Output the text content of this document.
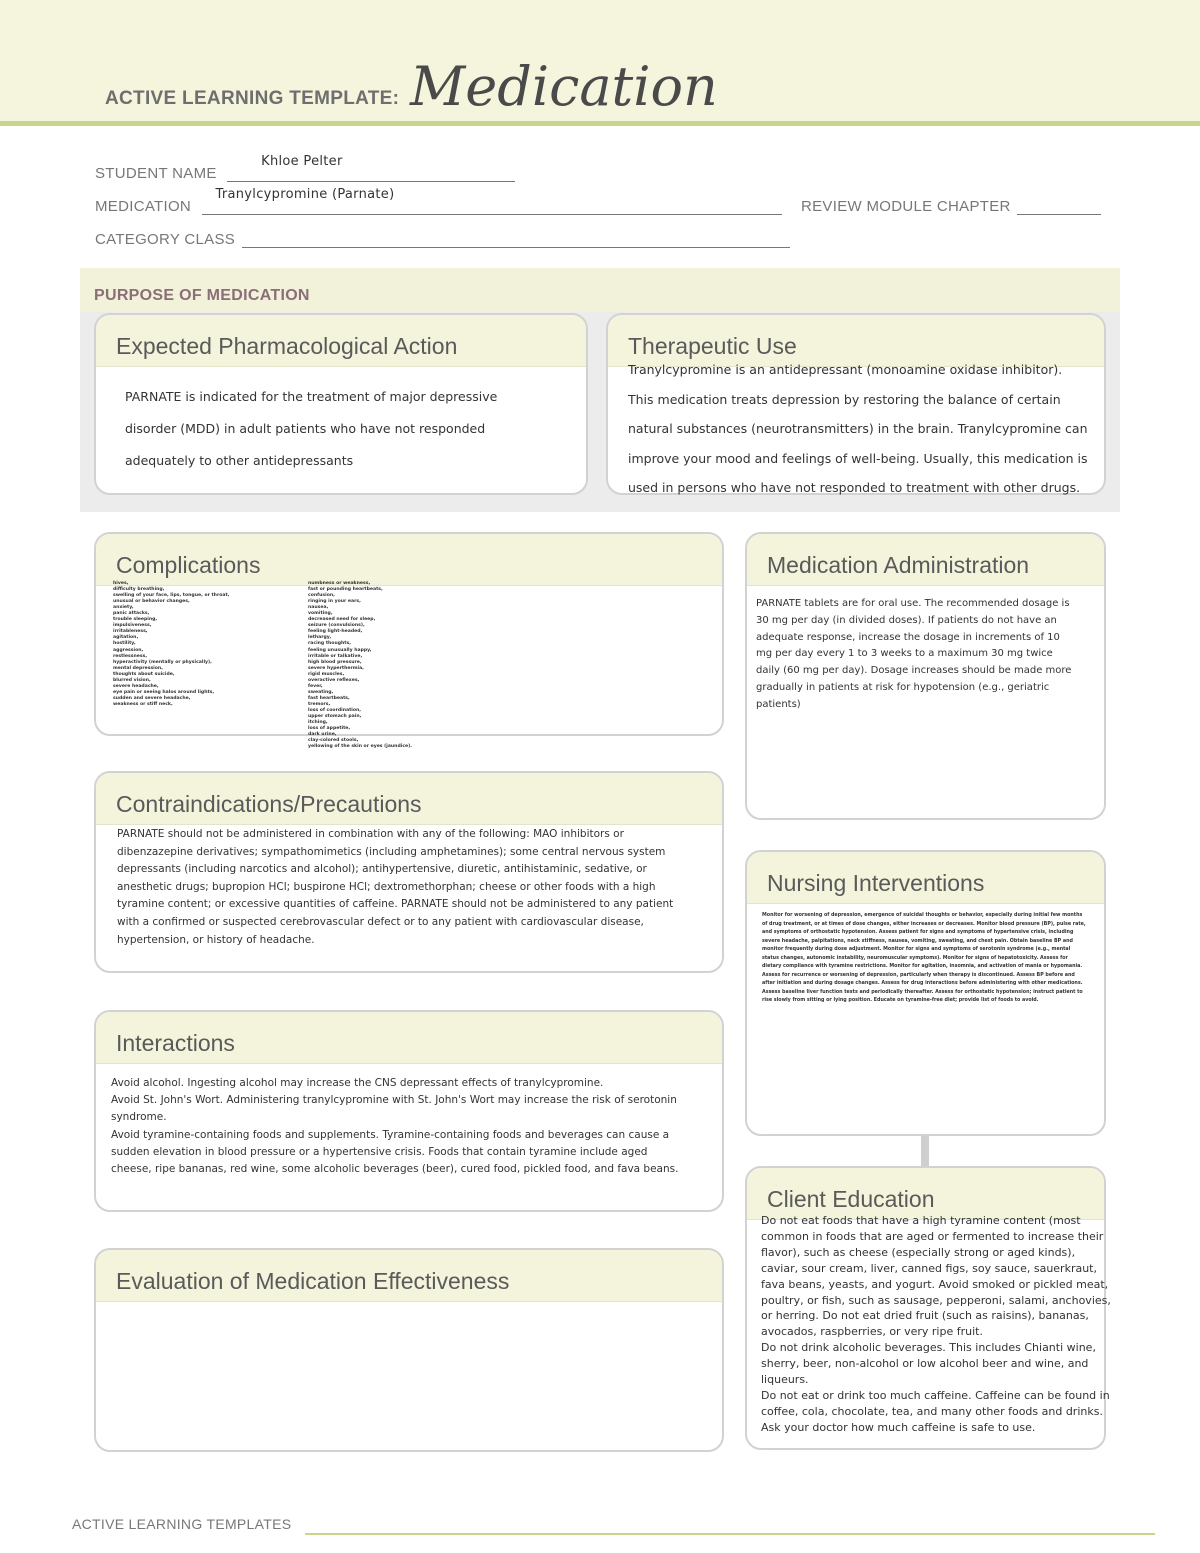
ACTIVE LEARNING TEMPLATE: Medication
STUDENT NAME
Khloe Pelter
MEDICATION
Tranylcypromine (Parnate)
REVIEW MODULE CHAPTER
CATEGORY CLASS
PURPOSE OF MEDICATION
Expected Pharmacological Action
PARNATE is indicated for the treatment of major depressive disorder (MDD) in adult patients who have not responded adequately to other antidepressants
Therapeutic Use
Tranylcypromine is an antidepressant (monoamine oxidase inhibitor). This medication treats depression by restoring the balance of certain natural substances (neurotransmitters) in the brain. Tranylcypromine can improve your mood and feelings of well-being. Usually, this medication is used in persons who have not responded to treatment with other drugs.
Complications
hives,
difficulty breathing,
swelling of your face, lips, tongue, or throat,
unusual or behavior changes,
anxiety,
panic attacks,
trouble sleeping,
impulsiveness,
irritableness,
agitation,
hostility,
aggression,
restlessness,
hyperactivity (mentally or physically),
mental depression,
thoughts about suicide,
blurred vision,
severe headache,
eye pain or seeing halos around lights,
sudden and severe headache,
weakness or stiff neck,
numbness or weakness,
fast or pounding heartbeats,
confusion,
ringing in your ears,
nausea,
vomiting,
decreased need for sleep,
seizure (convulsions),
feeling light-headed,
lethargy,
racing thoughts,
feeling unusually happy,
irritable or talkative,
high blood pressure,
severe hyperthermia,
rigid muscles,
overactive reflexes,
fever,
sweating,
fast heartbeats,
tremors,
loss of coordination,
upper stomach pain,
itching,
loss of appetite,
dark urine,
clay-colored stools,
yellowing of the skin or eyes (jaundice).
Medication Administration
PARNATE tablets are for oral use. The recommended dosage is 30 mg per day (in divided doses). If patients do not have an adequate response, increase the dosage in increments of 10 mg per day every 1 to 3 weeks to a maximum 30 mg twice daily (60 mg per day). Dosage increases should be made more gradually in patients at risk for hypotension (e.g., geriatric patients)
Contraindications/Precautions
PARNATE should not be administered in combination with any of the following: MAO inhibitors or dibenzazepine derivatives; sympathomimetics (including amphetamines); some central nervous system depressants (including narcotics and alcohol); antihypertensive, diuretic, antihistaminic, sedative, or anesthetic drugs; bupropion HCl; buspirone HCl; dextromethorphan; cheese or other foods with a high tyramine content; or excessive quantities of caffeine. PARNATE should not be administered to any patient with a confirmed or suspected cerebrovascular defect or to any patient with cardiovascular disease, hypertension, or history of headache.
Nursing Interventions
Monitor for worsening of depression, emergence of suicidal thoughts or behavior, especially during initial few months of drug treatment, or at times of dose changes, either increases or decreases. Monitor blood pressure (BP), pulse rate, and symptoms of orthostatic hypotension. Assess patient for signs and symptoms of hypertensive crisis, including severe headache, palpitations, neck stiffness, nausea, vomiting, sweating, and chest pain. Obtain baseline BP and monitor frequently during dose adjustment. Monitor for signs and symptoms of serotonin syndrome (e.g., mental status changes, autonomic instability, neuromuscular symptoms). Monitor for signs of hepatotoxicity. Assess for dietary compliance with tyramine restrictions. Monitor for agitation, insomnia, and activation of mania or hypomania. Assess for recurrence or worsening of depression, particularly when therapy is discontinued. Assess BP before and after initiation and during dosage changes. Assess for drug interactions before administering with other medications. Assess baseline liver function tests and periodically thereafter. Assess for orthostatic hypotension; instruct patient to rise slowly from sitting or lying position. Educate on tyramine-free diet; provide list of foods to avoid.
Interactions

Avoid alcohol. Ingesting alcohol may increase the CNS depressant effects of tranylcypromine.

Avoid St. John's Wort. Administering tranylcypromine with St. John's Wort may increase the risk of serotonin syndrome.

Avoid tyramine-containing foods and supplements. Tyramine-containing foods and beverages can cause a sudden elevation in blood pressure or a hypertensive crisis. Foods that contain tyramine include aged cheese, ripe bananas, red wine, some alcoholic beverages (beer), cured food, pickled food, and fava beans.

Client Education

Do not eat foods that have a high tyramine content (most common in foods that are aged or fermented to increase their flavor), such as cheese (especially strong or aged kinds), caviar, sour cream, liver, canned figs, soy sauce, sauerkraut, fava beans, yeasts, and yogurt. Avoid smoked or pickled meat, poultry, or fish, such as sausage, pepperoni, salami, anchovies, or herring. Do not eat dried fruit (such as raisins), bananas, avocados, raspberries, or very ripe fruit.

Do not drink alcoholic beverages. This includes Chianti wine, sherry, beer, non-alcohol or low alcohol beer and wine, and liqueurs.

Do not eat or drink too much caffeine. Caffeine can be found in coffee, cola, chocolate, tea, and many other foods and drinks. Ask your doctor how much caffeine is safe to use.

Evaluation of Medication Effectiveness
ACTIVE LEARNING TEMPLATES
